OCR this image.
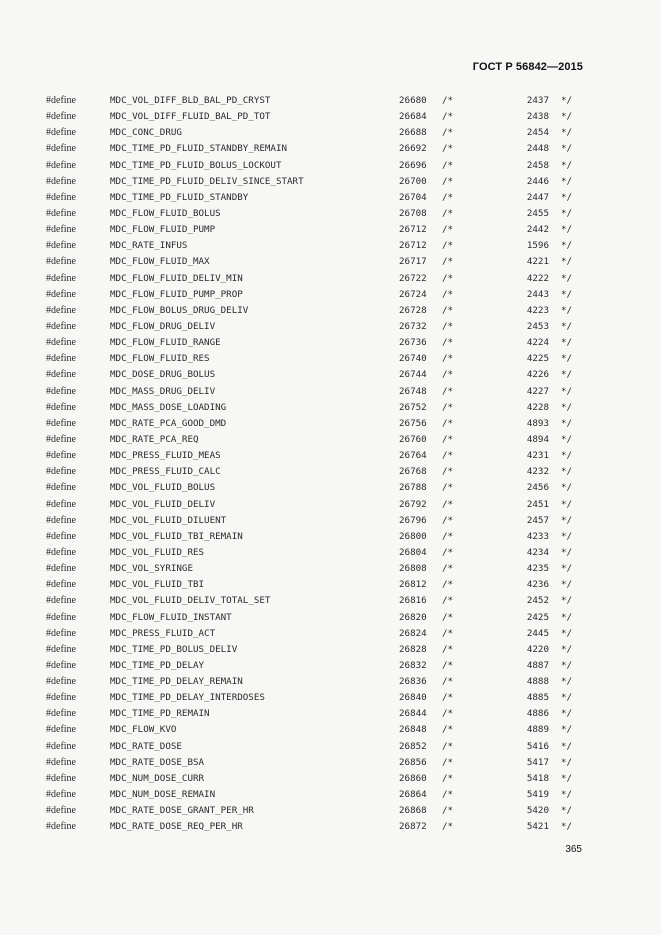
ГОСТ Р 56842—2015
#define	MDC_VOL_DIFF_BLD_BAL_PD_CRYST	26680 /*	2437 */
#define	MDC_VOL_DIFF_FLUID_BAL_PD_TOT	26684 /*	2438 */
#define	MDC_CONC_DRUG	26688 /*	2454 */
#define	MDC_TIME_PD_FLUID_STANDBY_REMAIN	26692 /*	2448 */
#define	MDC_TIME_PD_FLUID_BOLUS_LOCKOUT	26696 /*	2458 */
#define	MDC_TIME_PD_FLUID_DELIV_SINCE_START	26700 /*	2446 */
#define	MDC_TIME_PD_FLUID_STANDBY	26704 /*	2447 */
#define	MDC_FLOW_FLUID_BOLUS	26708 /*	2455 */
#define	MDC_FLOW_FLUID_PUMP	26712 /*	2442 */
#define	MDC_RATE_INFUS	26712 /*	1596 */
#define	MDC_FLOW_FLUID_MAX	26717 /*	4221 */
#define	MDC_FLOW_FLUID_DELIV_MIN	26722 /*	4222 */
#define	MDC_FLOW_FLUID_PUMP_PROP	26724 /*	2443 */
#define	MDC_FLOW_BOLUS_DRUG_DELIV	26728 /*	4223 */
#define	MDC_FLOW_DRUG_DELIV	26732 /*	2453 */
#define	MDC_FLOW_FLUID_RANGE	26736 /*	4224 */
#define	MDC_FLOW_FLUID_RES	26740 /*	4225 */
#define	MDC_DOSE_DRUG_BOLUS	26744 /*	4226 */
#define	MDC_MASS_DRUG_DELIV	26748 /*	4227 */
#define	MDC_MASS_DOSE_LOADING	26752 /*	4228 */
#define	MDC_RATE_PCA_GOOD_DMD	26756 /*	4893 */
#define	MDC_RATE_PCA_REQ	26760 /*	4894 */
#define	MDC_PRESS_FLUID_MEAS	26764 /*	4231 */
#define	MDC_PRESS_FLUID_CALC	26768 /*	4232 */
#define	MDC_VOL_FLUID_BOLUS	26788 /*	2456 */
#define	MDC_VOL_FLUID_DELIV	26792 /*	2451 */
#define	MDC_VOL_FLUID_DILUENT	26796 /*	2457 */
#define	MDC_VOL_FLUID_TBI_REMAIN	26800 /*	4233 */
#define	MDC_VOL_FLUID_RES	26804 /*	4234 */
#define	MDC_VOL_SYRINGE	26808 /*	4235 */
#define	MDC_VOL_FLUID_TBI	26812 /*	4236 */
#define	MDC_VOL_FLUID_DELIV_TOTAL_SET	26816 /*	2452 */
#define	MDC_FLOW_FLUID_INSTANT	26820 /*	2425 */
#define	MDC_PRESS_FLUID_ACT	26824 /*	2445 */
#define	MDC_TIME_PD_BOLUS_DELIV	26828 /*	4220 */
#define	MDC_TIME_PD_DELAY	26832 /*	4887 */
#define	MDC_TIME_PD_DELAY_REMAIN	26836 /*	4888 */
#define	MDC_TIME_PD_DELAY_INTERDOSES	26840 /*	4885 */
#define	MDC_TIME_PD_REMAIN	26844 /*	4886 */
#define	MDC_FLOW_KVO	26848 /*	4889 */
#define	MDC_RATE_DOSE	26852 /*	5416 */
#define	MDC_RATE_DOSE_BSA	26856 /*	5417 */
#define	MDC_NUM_DOSE_CURR	26860 /*	5418 */
#define	MDC_NUM_DOSE_REMAIN	26864 /*	5419 */
#define	MDC_RATE_DOSE_GRANT_PER_HR	26868 /*	5420 */
#define	MDC_RATE_DOSE_REQ_PER_HR	26872 /*	5421 */
365
